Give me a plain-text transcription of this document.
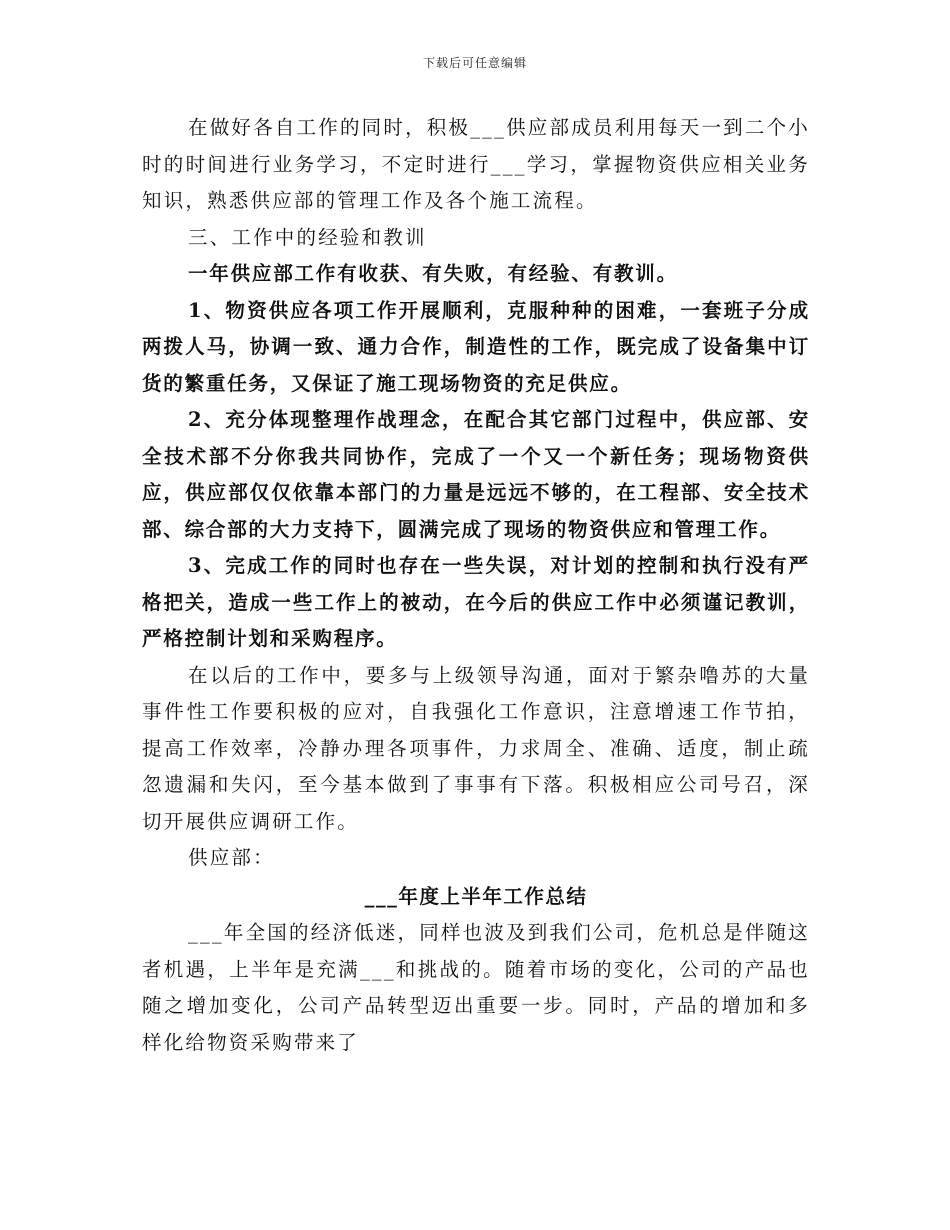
下载后可任意编辑

在做好各自工作的同时，积极___供应部成员利用每天一到二个小时的时间进行业务学习，不定时进行___学习，掌握物资供应相关业务知识，熟悉供应部的管理工作及各个施工流程。

三、工作中的经验和教训

一年供应部工作有收获、有失败，有经验、有教训。

1、物资供应各项工作开展顺利，克服种种的困难，一套班子分成两拨人马，协调一致、通力合作，制造性的工作，既完成了设备集中订货的繁重任务，又保证了施工现场物资的充足供应。

2、充分体现整理作战理念，在配合其它部门过程中，供应部、安全技术部不分你我共同协作，完成了一个又一个新任务；现场物资供应，供应部仅仅依靠本部门的力量是远远不够的，在工程部、安全技术部、综合部的大力支持下，圆满完成了现场的物资供应和管理工作。

3、完成工作的同时也存在一些失误，对计划的控制和执行没有严格把关，造成一些工作上的被动，在今后的供应工作中必须谨记教训，严格控制计划和采购程序。

在以后的工作中，要多与上级领导沟通，面对于繁杂噜苏的大量事件性工作要积极的应对，自我强化工作意识，注意增速工作节拍，提高工作效率，冷静办理各项事件，力求周全、准确、适度，制止疏忽遗漏和失闪，至今基本做到了事事有下落。积极相应公司号召，深切开展供应调研工作。

供应部：

___年度上半年工作总结

___年全国的经济低迷，同样也波及到我们公司，危机总是伴随这者机遇，上半年是充满___和挑战的。随着市场的变化，公司的产品也随之增加变化，公司产品转型迈出重要一步。同时，产品的增加和多样化给物资采购带来了
